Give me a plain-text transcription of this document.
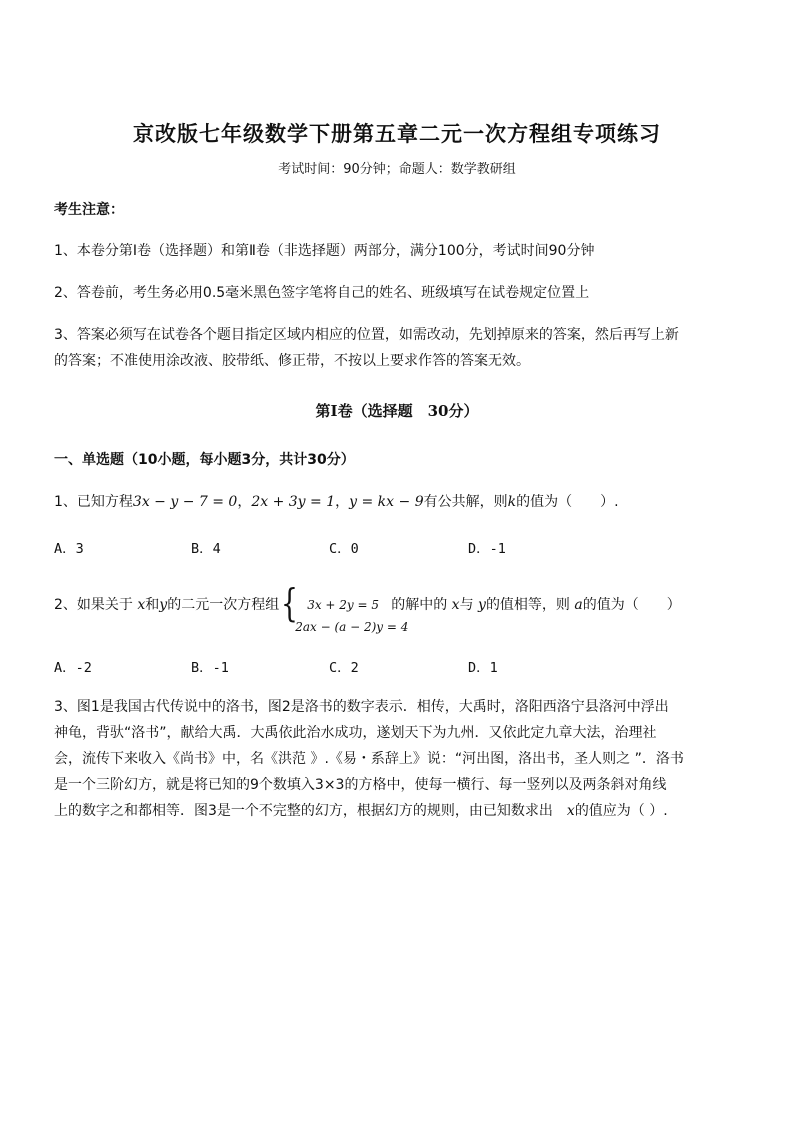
京改版七年级数学下册第五章二元一次方程组专项练习
考试时间：90分钟；命题人：数学教研组
考生注意：
1、本卷分第Ⅰ卷（选择题）和第Ⅱ卷（非选择题）两部分，满分100分，考试时间90分钟
2、答卷前，考生务必用0.5毫米黑色签字笔将自己的姓名、班级填写在试卷规定位置上
3、答案必须写在试卷各个题目指定区域内相应的位置，如需改动，先划掉原来的答案，然后再写上新
的答案；不准使用涂改液、胶带纸、修正带，不按以上要求作答的答案无效。
第Ⅰ卷（选择题　30分）
一、单选题（10小题，每小题3分，共计30分）
1、已知方程3x − y − 7 = 0，2x + 3y = 1，y = kx − 9有公共解，则k的值为（　　）.
A．3	B．4	C．0	D．-1
2、如果关于 x和y的二元一次方程组 { 3x + 2y = 5
2ax − (a − 2)y = 4
的解中的 x与 y的值相等，则 a的值为（　　）
A．-2	B．-1	C．2	D．1
3、图1是我国古代传说中的洛书，图2是洛书的数字表示．相传，大禹时，洛阳西洛宁县洛河中浮出
神龟，背驮“洛书”，献给大禹．大禹依此治水成功，遂划天下为九州．又依此定九章大法，治理社
会，流传下来收入《尚书》中，名《洪范 》.《易・系辞上》说：“河出图，洛出书，圣人则之 ”．洛书
是一个三阶幻方，就是将已知的9个数填入3×3的方格中，使每一横行、每一竖列以及两条斜对角线
上的数字之和都相等．图3是一个不完整的幻方，根据幻方的规则，由已知数求出　x的值应为（ ）.
